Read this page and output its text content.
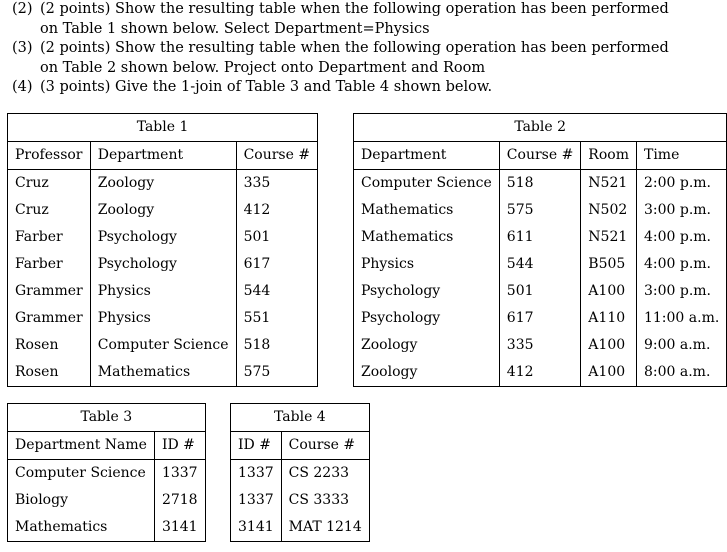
(2) (2 points) Show the resulting table when the following operation has been performed
on Table 1 shown below. Select Department=Physics
(3) (2 points) Show the resulting table when the following operation has been performed
on Table 2 shown below. Project onto Department and Room
(4) (3 points) Give the 1-join of Table 3 and Table 4 shown below.
Table 1		
Professor	Department	Course #
Cruz	Zoology	335
Cruz	Zoology	412
Farber	Psychology	501
Farber	Psychology	617
Grammer	Physics	544
Grammer	Physics	551
Rosen	Computer Science	518
Rosen	Mathematics	575
Table 2			
Department	Course #	Room	Time
Computer Science	518	N521	2:00 p.m.
Mathematics	575	N502	3:00 p.m.
Mathematics	611	N521	4:00 p.m.
Physics	544	B505	4:00 p.m.
Psychology	501	A100	3:00 p.m.
Psychology	617	A110	11:00 a.m.
Zoology	335	A100	9:00 a.m.
Zoology	412	A100	8:00 a.m.
Table 3	
Department Name	ID #
Computer Science	1337
Biology	2718
Mathematics	3141
Table 4	
ID #	Course #
1337	CS 2233
1337	CS 3333
3141	MAT 1214
